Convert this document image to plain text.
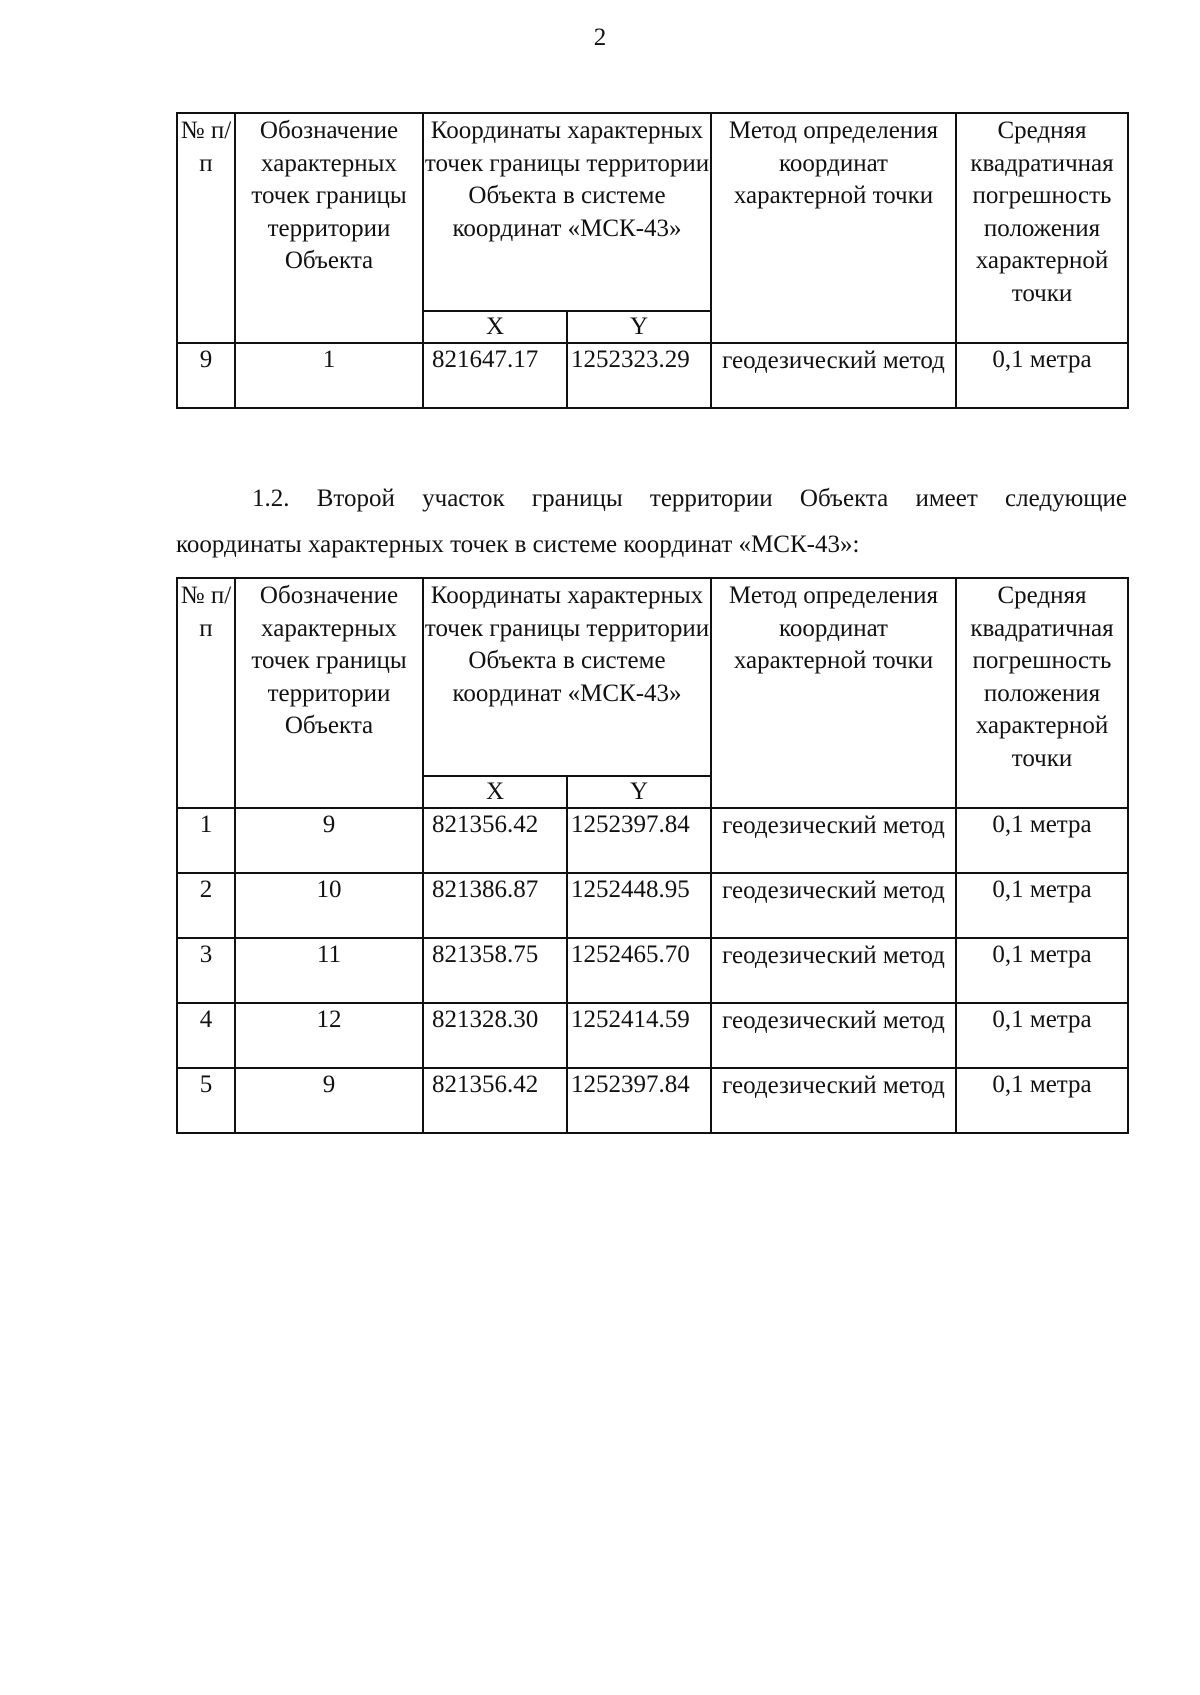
2
№ п/п	Обозначение характерных точек границы территории Объекта	Координаты характерных точек границы территории Объекта в системе координат «МСК-43»		Метод определения координат характерной точки	Средняя квадратичная погрешность положения характерной точки
		X	Y		
9	1	821647.17	1252323.29	геодезический метод	0,1 метра
1.2. Второй участок границы территории Объекта имеет следующие
координаты характерных точек в системе координат «МСК-43»:
№ п/п	Обозначение характерных точек границы территории Объекта	Координаты характерных точек границы территории Объекта в системе координат «МСК-43»		Метод определения координат характерной точки	Средняя квадратичная погрешность положения характерной точки
		X	Y		
1	9	821356.42	1252397.84	геодезический метод	0,1 метра
2	10	821386.87	1252448.95	геодезический метод	0,1 метра
3	11	821358.75	1252465.70	геодезический метод	0,1 метра
4	12	821328.30	1252414.59	геодезический метод	0,1 метра
5	9	821356.42	1252397.84	геодезический метод	0,1 метра
